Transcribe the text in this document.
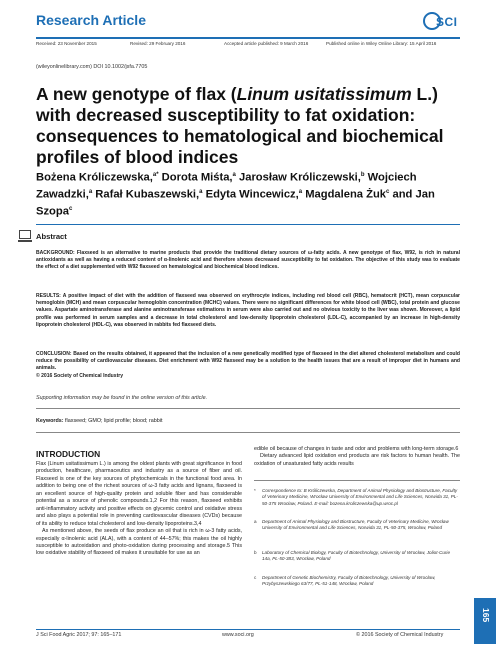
Research Article	SCI
Received: 23 November 2015	Revised: 29 February 2016	Accepted article published: 9 March 2016	Published online in Wiley Online Library: 15 April 2016
(wileyonlinelibrary.com) DOI 10.1002/jsfa.7705
A new genotype of flax (Linum usitatissimum L.) with decreased susceptibility to fat oxidation: consequences to hematological and biochemical profiles of blood indices
Bożena Króliczewska,$^{a*}$ Dorota Miśta,$^a$ Jarosław Króliczewski,$^b$ Wojciech Zawadzki,$^a$ Rafał Kubaszewski,$^a$ Edyta Wincewicz,$^a$ Magdalena Żuk$^c$ and Jan Szopa$^c$
Abstract

BACKGROUND: Flaxseed is an alternative to marine products that provide the traditional dietary sources of ω-fatty acids. A new genotype of flax, W92, is rich in natural antioxidants as well as having a reduced content of α-linolenic acid and therefore shows decreased susceptibility to fat oxidation. The objective of this study was to evaluate the effect of a diet supplemented with W92 flaxseed on hematological and biochemical blood indices.

RESULTS: A positive impact of diet with the addition of flaxseed was observed on erythrocyte indices, including red blood cell (RBC), hematocrit (HCT), mean corpuscular hemoglobin (MCH) and mean corpuscular hemoglobin concentration (MCHC) values. There were no significant differences for white blood cell (WBC), total protein and glucose values. Aspartate aminotransferase and alanine aminotransferase estimations in serum were also carried out and no obvious toxicity to the liver was shown. Moreover, a lipid profile was performed in serum samples and a decrease in total cholesterol and low-density lipoprotein cholesterol (LDL-C), accompanied by an increase in high-density lipoprotein cholesterol (HDL-C), was observed in rabbits fed flaxseed diets.

CONCLUSION: Based on the results obtained, it appeared that the inclusion of a new genetically modified type of flaxseed in the diet altered cholesterol metabolism and could reduce the possibility of cardiovascular diseases. Diet enrichment with W92 flaxseed may be a solution to the health issues that are a result of improper diet in humans and animals.
© 2016 Society of Chemical Industry
Supporting information may be found in the online version of this article.
Keywords: flaxseed; GMO; lipid profile; blood; rabbit
INTRODUCTION

Flax (Linum usitatissimum L.) is among the oldest plants with great significance in food production, healthcare, pharmaceutics and industry as a source of fiber and oil. Flaxseed is one of the key sources of phytochemicals in the functional food area. In addition to being one of the richest sources of ω-3 fatty acids and lignans, flaxseed is an excellent source of high-quality protein and soluble fiber and has considerable potential as a source of phenolic compounds.1,2 For this reason, flaxseed exhibits anti-inflammatory activity and positive effects on glycemic control and oxidative stress and also plays a potential role in preventing cardiovascular diseases (CVDs) because of its ability to reduce total cholesterol and low-density lipoproteins.3,4

As mentioned above, the seeds of flax produce an oil that is rich in ω-3 fatty acids, especially α-linolenic acid (ALA), with a content of 44–57%; this makes the oil highly susceptible to autoxidation and photo-oxidation during processing and storage.5 This low oxidative stability of flaxseed oil makes it unsuitable for use as an

edible oil because of changes in taste and odor and problems with long-term storage.6

Dietary advanced lipid oxidation end products are risk factors to human health. The oxidation of unsaturated fatty acids results

*	Correspondence to: B Króliczewska, Department of Animal Physiology and Biostructure, Faculty of Veterinary Medicine, Wrocław University of Environmental and Life Sciences, Norwida 31, PL-50-375 Wrocław, Poland. E-mail: bozena.kroliczewska@up.wroc.pl
a	Department of Animal Physiology and Biostructure, Faculty of Veterinary Medicine, Wrocław University of Environmental and Life Sciences, Norwida 31, PL-50-375, Wrocław, Poland
b	Laboratory of Chemical Biology, Faculty of Biotechnology, University of Wrocław, Joliot-Curie 14a, PL-50-383, Wrocław, Poland
c	Department of Genetic Biochemistry, Faculty of Biotechnology, University of Wrocław, Przybyszewskiego 63/77, PL-51-148, Wrocław, Poland
J Sci Food Agric 2017; 97: 165–171	www.soci.org	© 2016 Society of Chemical Industry
165
